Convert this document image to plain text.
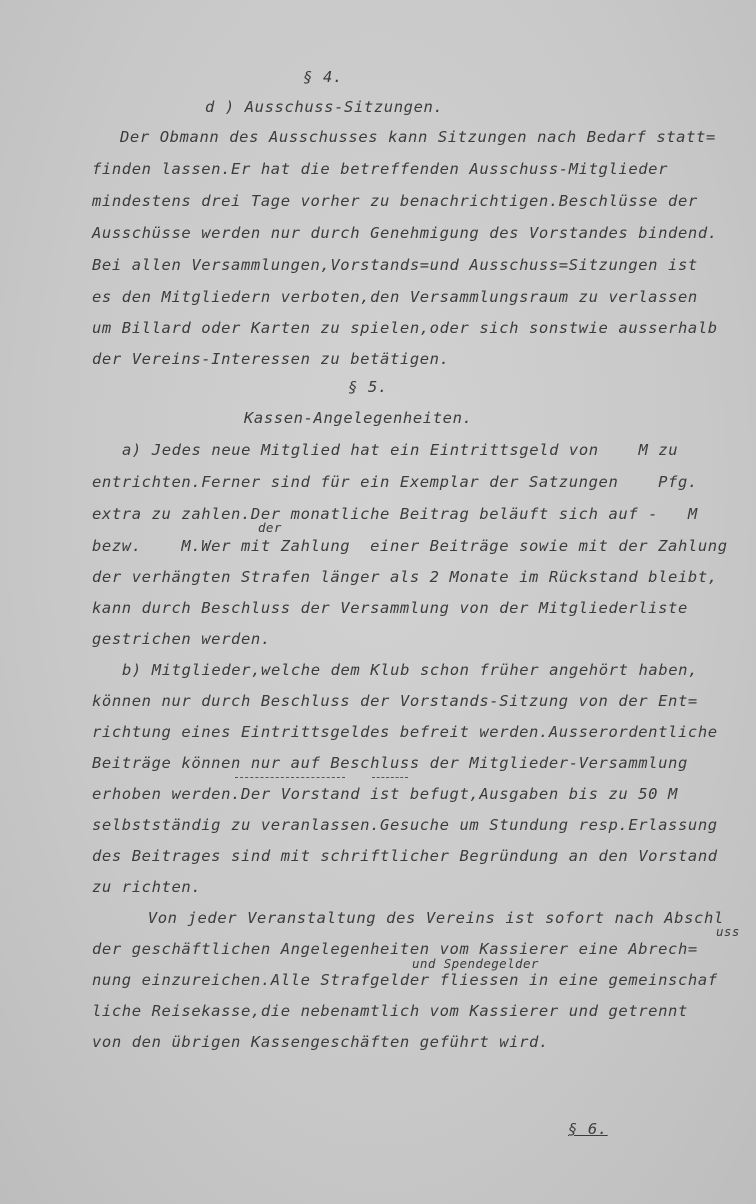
§ 4.
d ) Ausschuss-Sitzungen.
Der Obmann des Ausschusses kann Sitzungen nach Bedarf statt=
finden lassen.Er hat die betreffenden Ausschuss-Mitglieder
mindestens drei Tage vorher zu benachrichtigen.Beschlüsse der
Ausschüsse werden nur durch Genehmigung des Vorstandes bindend.
Bei allen Versammlungen,Vorstands=und Ausschuss=Sitzungen ist
es den Mitgliedern verboten,den Versammlungsraum zu verlassen
um Billard oder Karten zu spielen,oder sich sonstwie ausserhalb
der Vereins-Interessen zu betätigen.
§ 5.
Kassen-Angelegenheiten.
a) Jedes neue Mitglied hat ein Eintrittsgeld von    M zu
entrichten.Ferner sind für ein Exemplar der Satzungen    Pfg.
extra zu zahlen.Der monatliche Beitrag beläuft sich auf -   M
der
bezw.    M.Wer mit Zahlung  einer Beiträge sowie mit der Zahlung
der verhängten Strafen länger als 2 Monate im Rückstand bleibt,
kann durch Beschluss der Versammlung von der Mitgliederliste
gestrichen werden.
b) Mitglieder,welche dem Klub schon früher angehört haben,
können nur durch Beschluss der Vorstands-Sitzung von der Ent=
richtung eines Eintrittsgeldes befreit werden.Ausserordentliche
Beiträge können nur auf Beschluss der Mitglieder-Versammlung
erhoben werden.Der Vorstand ist befugt,Ausgaben bis zu 50 M
selbstständig zu veranlassen.Gesuche um Stundung resp.Erlassung
des Beitrages sind mit schriftlicher Begründung an den Vorstand
zu richten.
Von jeder Veranstaltung des Vereins ist sofort nach Abschl
uss
der geschäftlichen Angelegenheiten vom Kassierer eine Abrech=
und Spendegelder
nung einzureichen.Alle Strafgelder fliessen in eine gemeinschaf
liche Reisekasse,die nebenamtlich vom Kassierer und getrennt
von den übrigen Kassengeschäften geführt wird.
§ 6.
